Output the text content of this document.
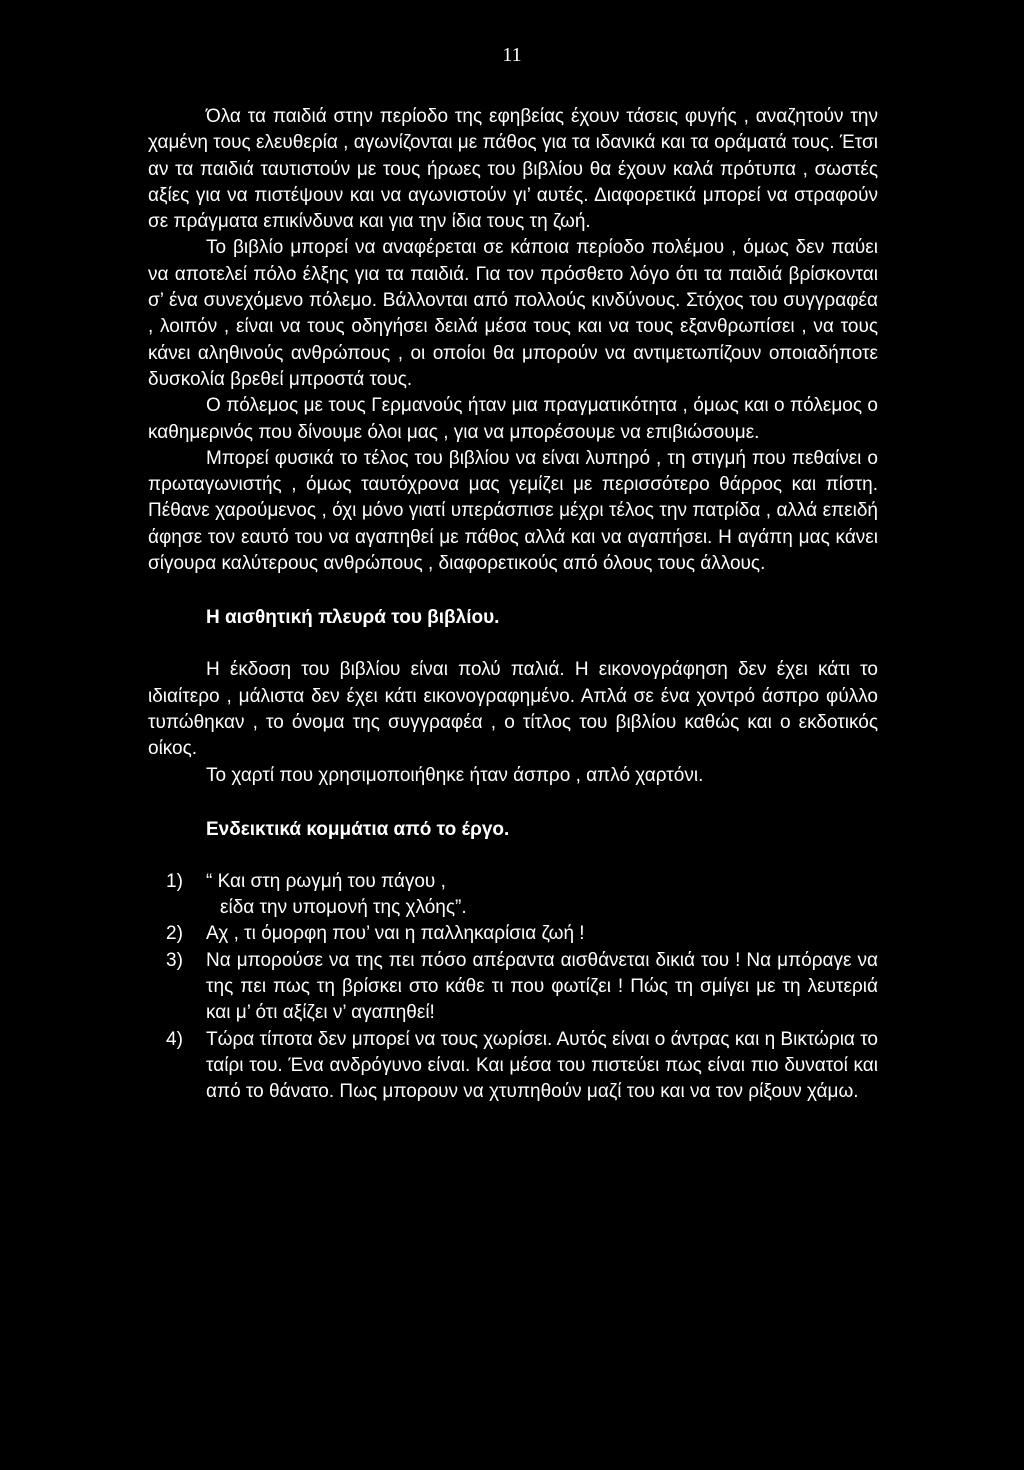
11

Όλα τα παιδιά στην περίοδο της εφηβείας έχουν τάσεις φυγής , αναζητούν την χαμένη τους ελευθερία , αγωνίζονται με πάθος για τα ιδανικά και τα οράματά τους. Έτσι αν τα παιδιά ταυτιστούν με τους ήρωες του βιβλίου θα έχουν καλά πρότυπα , σωστές αξίες για να πιστέψουν και να αγωνιστούν γι’ αυτές. Διαφορετικά μπορεί να στραφούν σε πράγματα επικίνδυνα και για την ίδια τους τη ζωή.

Το βιβλίο μπορεί να αναφέρεται σε κάποια περίοδο πολέμου , όμως δεν παύει να αποτελεί πόλο έλξης για τα παιδιά. Για τον πρόσθετο λόγο ότι τα παιδιά βρίσκονται σ’ ένα συνεχόμενο πόλεμο. Βάλλονται από πολλούς κινδύνους. Στόχος του συγγραφέα , λοιπόν , είναι να τους οδηγήσει δειλά μέσα τους και να τους εξανθρωπίσει , να τους κάνει αληθινούς ανθρώπους , οι οποίοι θα μπορούν να αντιμετωπίζουν οποιαδήποτε δυσκολία βρεθεί μπροστά τους.

Ο πόλεμος με τους Γερμανούς ήταν μια πραγματικότητα , όμως και ο πόλεμος ο καθημερινός που δίνουμε όλοι μας , για να μπορέσουμε να επιβιώσουμε.

Μπορεί φυσικά το τέλος του βιβλίου να είναι λυπηρό , τη στιγμή που πεθαίνει ο πρωταγωνιστής , όμως ταυτόχρονα μας γεμίζει με περισσότερο θάρρος και πίστη. Πέθανε χαρούμενος , όχι μόνο γιατί υπεράσπισε μέχρι τέλος την πατρίδα , αλλά επειδή άφησε τον εαυτό του να αγαπηθεί με πάθος αλλά και να αγαπήσει. Η αγάπη μας κάνει σίγουρα καλύτερους ανθρώπους , διαφορετικούς από όλους τους άλλους.

Η αισθητική πλευρά του βιβλίου.

Η έκδοση του βιβλίου είναι πολύ παλιά. Η εικονογράφηση δεν έχει κάτι το ιδιαίτερο , μάλιστα δεν έχει κάτι εικονογραφημένο. Απλά σε ένα χοντρό άσπρο φύλλο τυπώθηκαν , το όνομα της συγγραφέα , ο τίτλος του βιβλίου καθώς και ο εκδοτικός οίκος.

Το χαρτί που χρησιμοποιήθηκε ήταν άσπρο , απλό χαρτόνι.

Ενδεικτικά κομμάτια από το έργο.

1) “ Και στη ρωγμή του πάγου ,
είδα την υπομονή της χλόης”.
2) Αχ , τι όμορφη που’ ναι η παλληκαρίσια ζωή !
3) Να μπορούσε να της πει πόσο απέραντα αισθάνεται δικιά του ! Να μπόραγε να της πει πως τη βρίσκει στο κάθε τι που φωτίζει ! Πώς τη σμίγει με τη λευτεριά και μ’ ότι αξίζει ν’ αγαπηθεί!
4) Τώρα τίποτα δεν μπορεί να τους χωρίσει. Αυτός είναι ο άντρας και η Βικτώρια το ταίρι του. Ένα ανδρόγυνο είναι. Και μέσα του πιστεύει πως είναι πιο δυνατοί και από το θάνατο. Πως μπορουν να χτυπηθούν μαζί του και να τον ρίξουν χάμω.
